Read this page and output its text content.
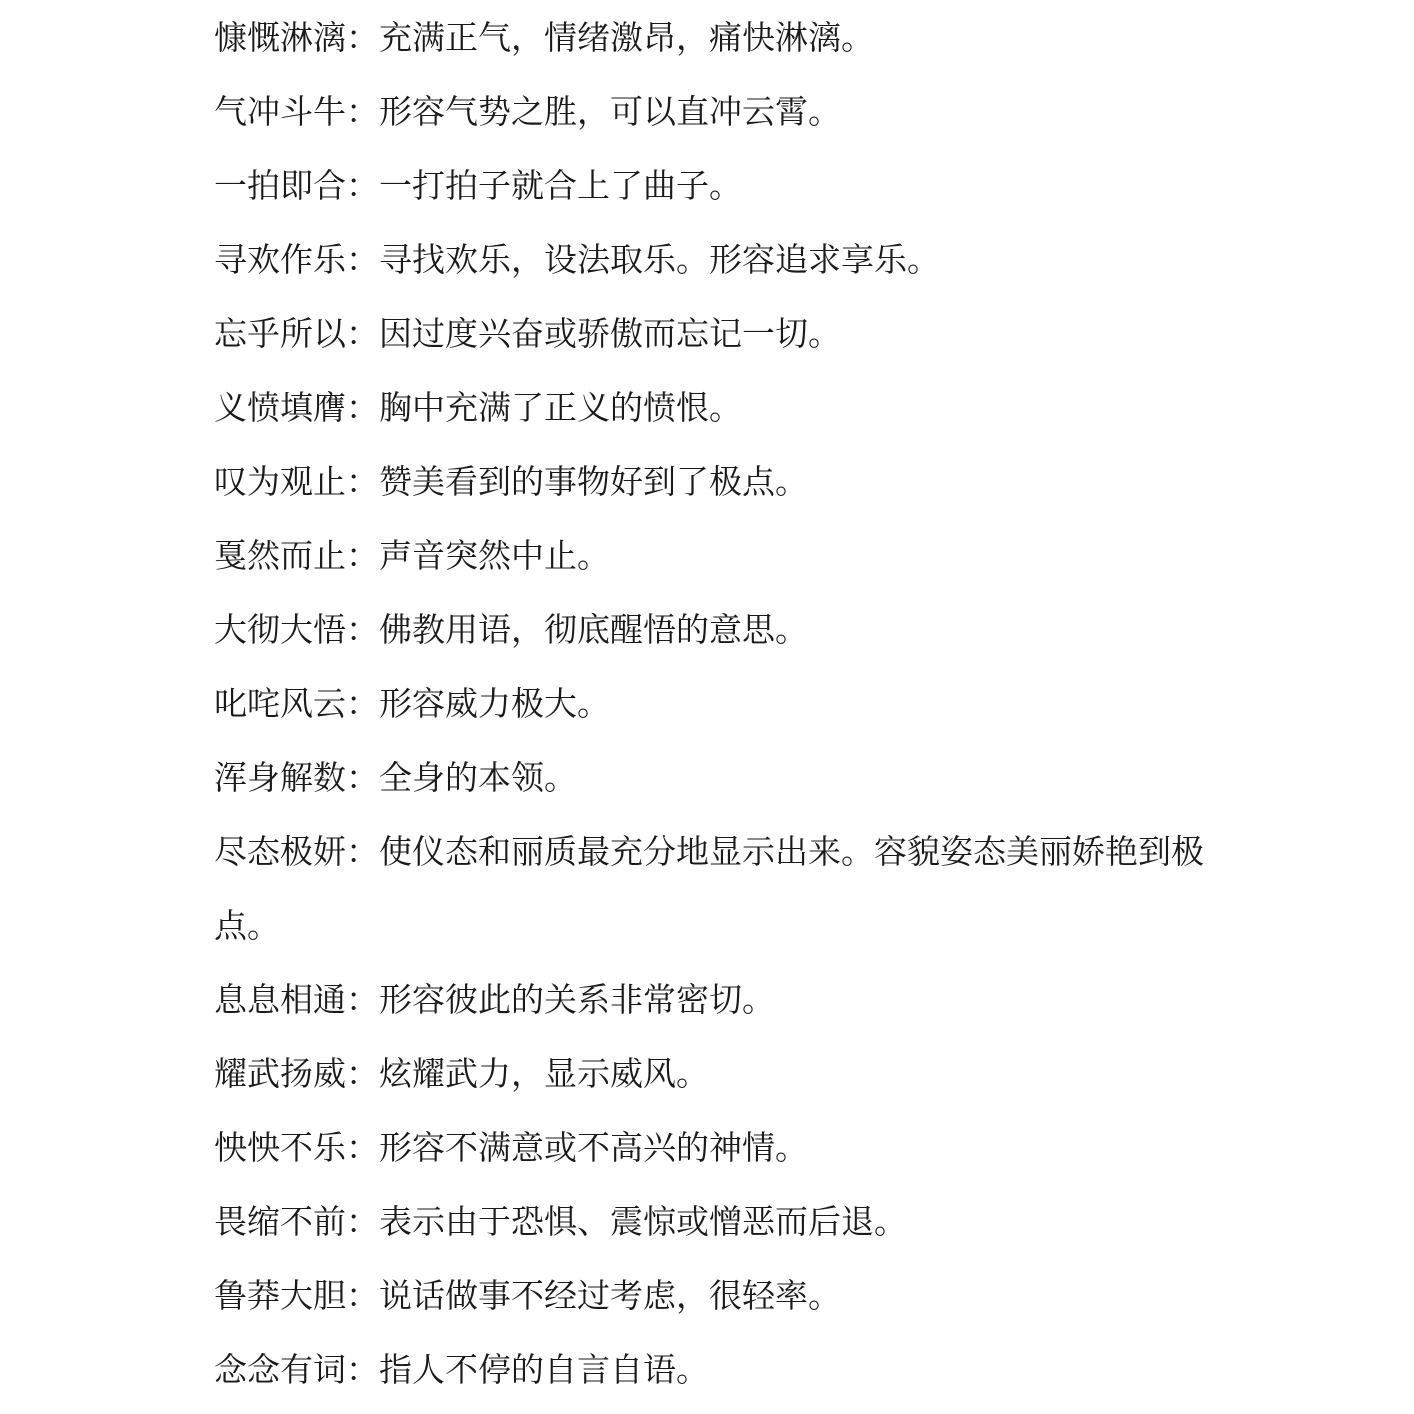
慷慨淋漓：充满正气，情绪激昂，痛快淋漓。
气冲斗牛：形容气势之胜，可以直冲云霄。
一拍即合：一打拍子就合上了曲子。
寻欢作乐：寻找欢乐，设法取乐。形容追求享乐。
忘乎所以：因过度兴奋或骄傲而忘记一切。
义愤填膺：胸中充满了正义的愤恨。
叹为观止：赞美看到的事物好到了极点。
戛然而止：声音突然中止。
大彻大悟：佛教用语，彻底醒悟的意思。
叱咤风云：形容威力极大。
浑身解数：全身的本领。
尽态极妍：使仪态和丽质最充分地显示出来。容貌姿态美丽娇艳到极点。
息息相通：形容彼此的关系非常密切。
耀武扬威：炫耀武力，显示威风。
怏怏不乐：形容不满意或不高兴的神情。
畏缩不前：表示由于恐惧、震惊或憎恶而后退。
鲁莽大胆：说话做事不经过考虑，很轻率。
念念有词：指人不停的自言自语。
